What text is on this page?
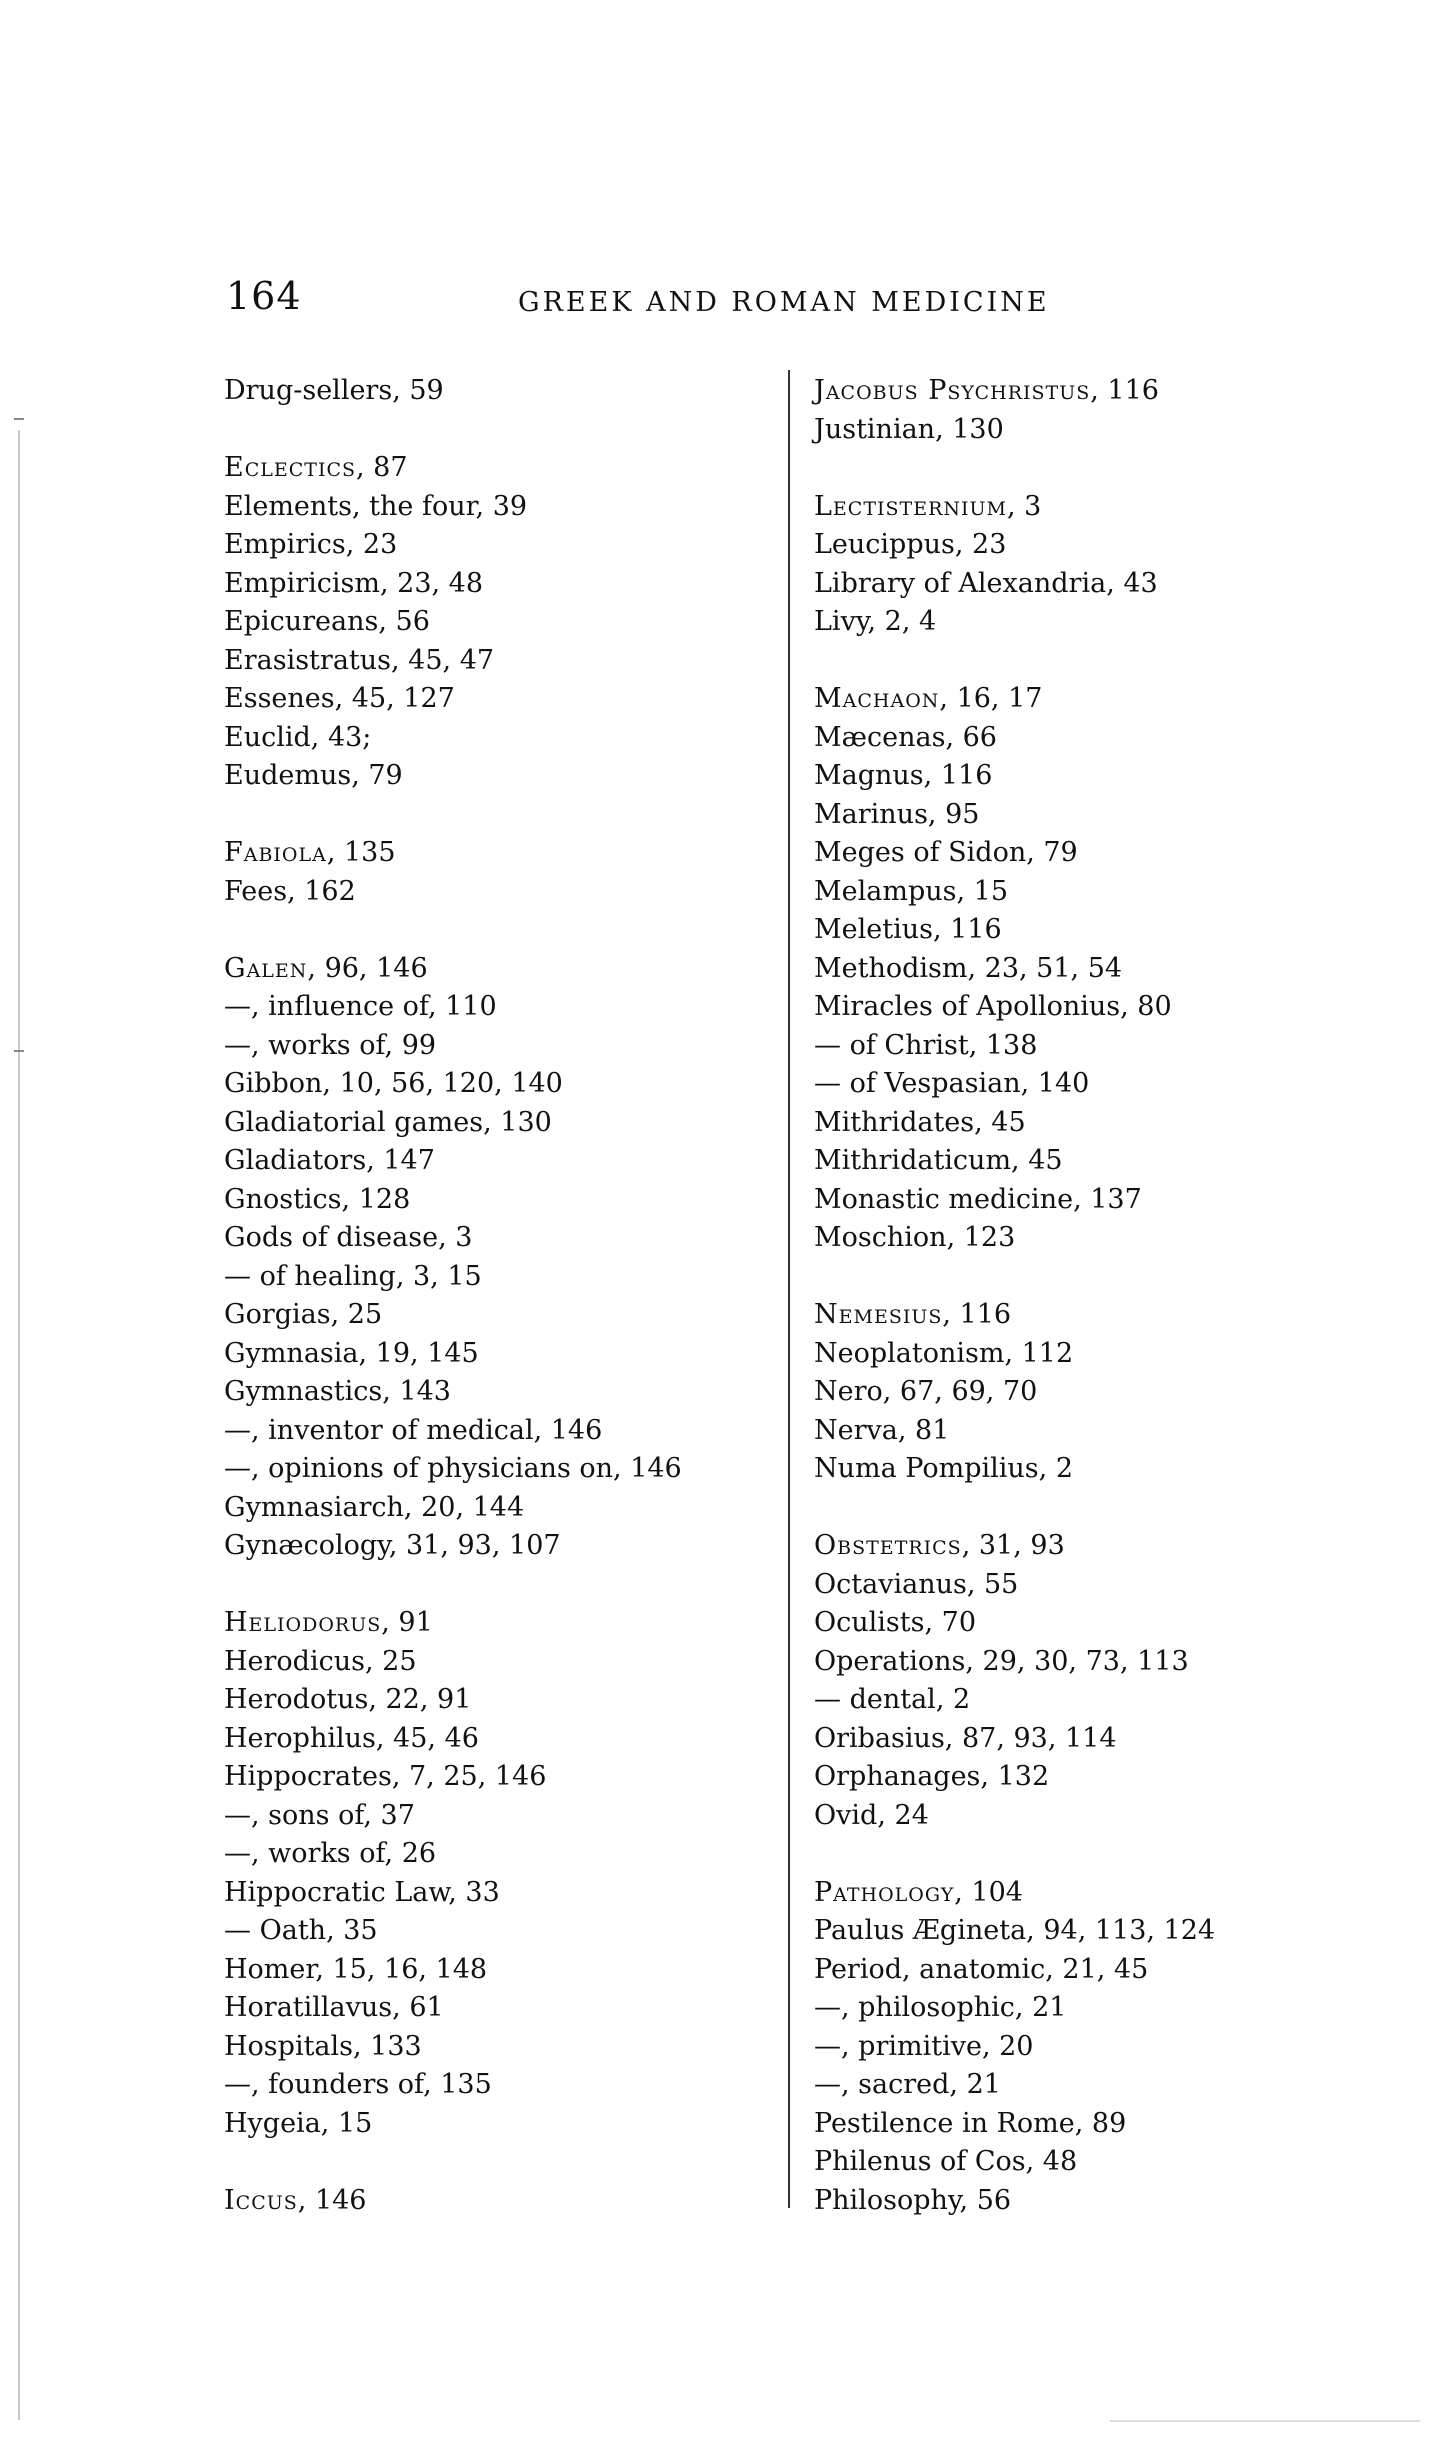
164	GREEK AND ROMAN MEDICINE
Drug-sellers, 59
Eclectics, 87
Elements, the four, 39
Empirics, 23
Empiricism, 23, 48
Epicureans, 56
Erasistratus, 45, 47
Essenes, 45, 127
Euclid, 43;
Eudemus, 79
Fabiola, 135
Fees, 162
Galen, 96, 146
—, influence of, 110
—, works of, 99
Gibbon, 10, 56, 120, 140
Gladiatorial games, 130
Gladiators, 147
Gnostics, 128
Gods of disease, 3
— of healing, 3, 15
Gorgias, 25
Gymnasia, 19, 145
Gymnastics, 143
—, inventor of medical, 146
—, opinions of physicians on, 146
Gymnasiarch, 20, 144
Gynæcology, 31, 93, 107
Heliodorus, 91
Herodicus, 25
Herodotus, 22, 91
Herophilus, 45, 46
Hippocrates, 7, 25, 146
—, sons of, 37
—, works of, 26
Hippocratic Law, 33
— Oath, 35
Homer, 15, 16, 148
Horatillavus, 61
Hospitals, 133
—, founders of, 135
Hygeia, 15
Iccus, 146
Jacobus Psychristus, 116
Justinian, 130
Lectisternium, 3
Leucippus, 23
Library of Alexandria, 43
Livy, 2, 4
Machaon, 16, 17
Mæcenas, 66
Magnus, 116
Marinus, 95
Meges of Sidon, 79
Melampus, 15
Meletius, 116
Methodism, 23, 51, 54
Miracles of Apollonius, 80
— of Christ, 138
— of Vespasian, 140
Mithridates, 45
Mithridaticum, 45
Monastic medicine, 137
Moschion, 123
Nemesius, 116
Neoplatonism, 112
Nero, 67, 69, 70
Nerva, 81
Numa Pompilius, 2
Obstetrics, 31, 93
Octavianus, 55
Oculists, 70
Operations, 29, 30, 73, 113
— dental, 2
Oribasius, 87, 93, 114
Orphanages, 132
Ovid, 24
Pathology, 104
Paulus Ægineta, 94, 113, 124
Period, anatomic, 21, 45
—, philosophic, 21
—, primitive, 20
—, sacred, 21
Pestilence in Rome, 89
Philenus of Cos, 48
Philosophy, 56
